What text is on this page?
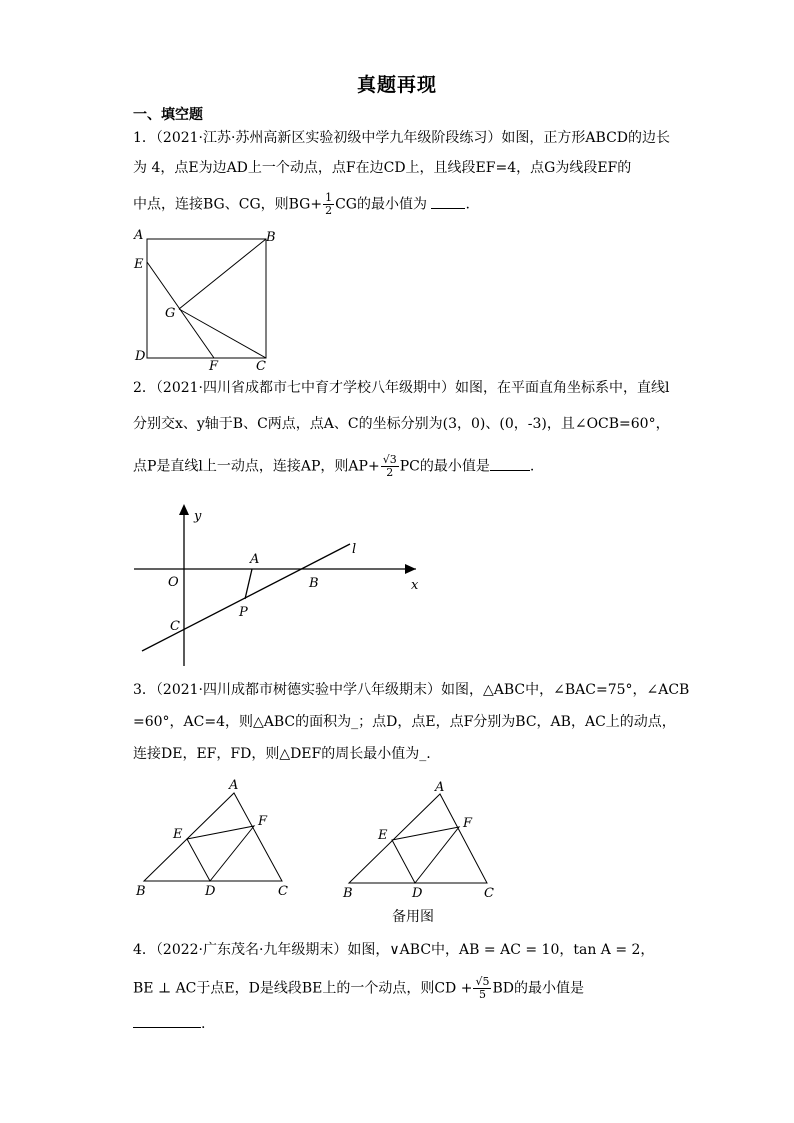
真题再现
一、填空题
1．（2021·江苏·苏州高新区实验初级中学九年级阶段练习）如图，正方形ABCD的边长
为 4，点E为边AD上一个动点，点F在边CD上，且线段EF=4，点G为线段EF的
中点，连接BG、CG，则$BG+ \frac{1}{2}$ CG的最小值为	.
A	B
C
D
E
F
G
2．（2021·四川省成都市七中育才学校八年级期中）如图，在平面直角坐标系中，直线l
分别交x、y轴于B、C两点，点A、C的坐标分别为(3，0)、(0，-3)，且∠OCB=60°，
点P是直线l上一动点，连接AP，则$AP+ \frac{√3}{2}$ PC的最小值是	.
y
x
O
A
B
C
P
l
3．（2021·四川成都市树德实验中学八年级期末）如图，△ABC中，∠BAC=75°，∠ACB
=60°，AC=4，则△ABC的面积为_；点D，点E，点F分别为BC，AB，AC上的动点，
连接DE，EF，FD，则△DEF的周长最小值为_.
A
B	C
D
E
F
A
B	C
D
E
F
备用图
4．（2022·广东茂名·九年级期末）如图，∨ABC中，AB = AC = 10，tan A = 2，
BE ⊥ AC于点E，D是线段BE上的一个动点，则CD + $\frac{√5}{5}$ BD的最小值是
.
